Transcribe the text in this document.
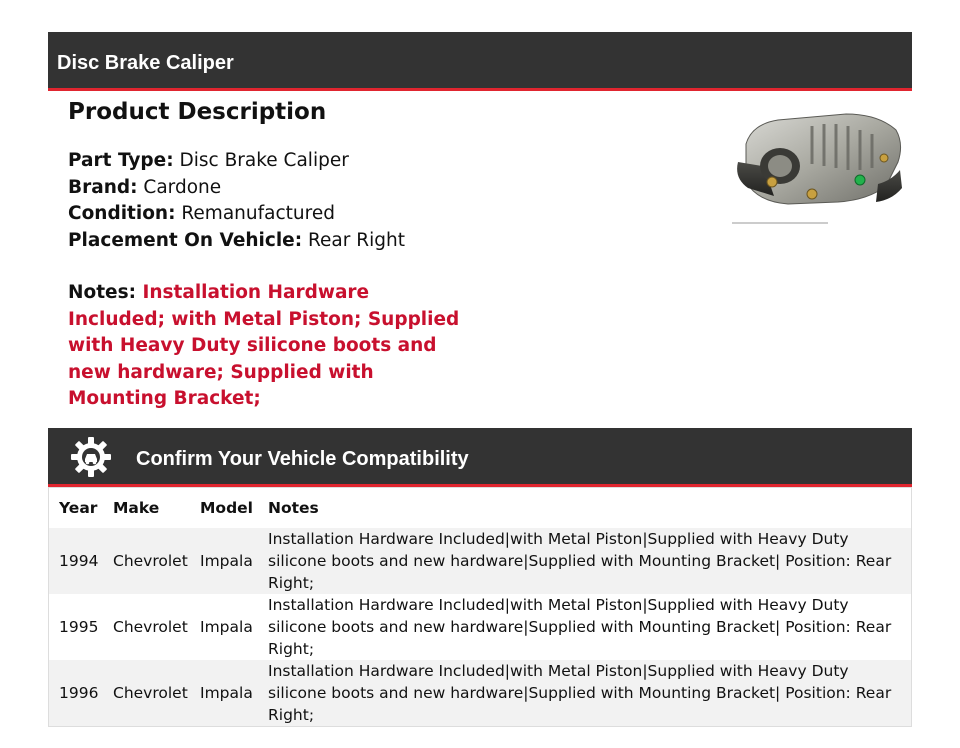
Disc Brake Caliper
Product Description
Part Type: Disc Brake Caliper
Brand: Cardone
Condition: Remanufactured
Placement On Vehicle: Rear Right
Notes: Installation Hardware Included; with Metal Piston; Supplied with Heavy Duty silicone boots and new hardware; Supplied with Mounting Bracket;
Confirm Your Vehicle Compatibility
Year	Make	Model	Notes
1994	Chevrolet	Impala	Installation Hardware Included|with Metal Piston|Supplied with Heavy Duty silicone boots and new hardware|Supplied with Mounting Bracket| Position: Rear Right;
1995	Chevrolet	Impala	Installation Hardware Included|with Metal Piston|Supplied with Heavy Duty silicone boots and new hardware|Supplied with Mounting Bracket| Position: Rear Right;
1996	Chevrolet	Impala	Installation Hardware Included|with Metal Piston|Supplied with Heavy Duty silicone boots and new hardware|Supplied with Mounting Bracket| Position: Rear Right;
